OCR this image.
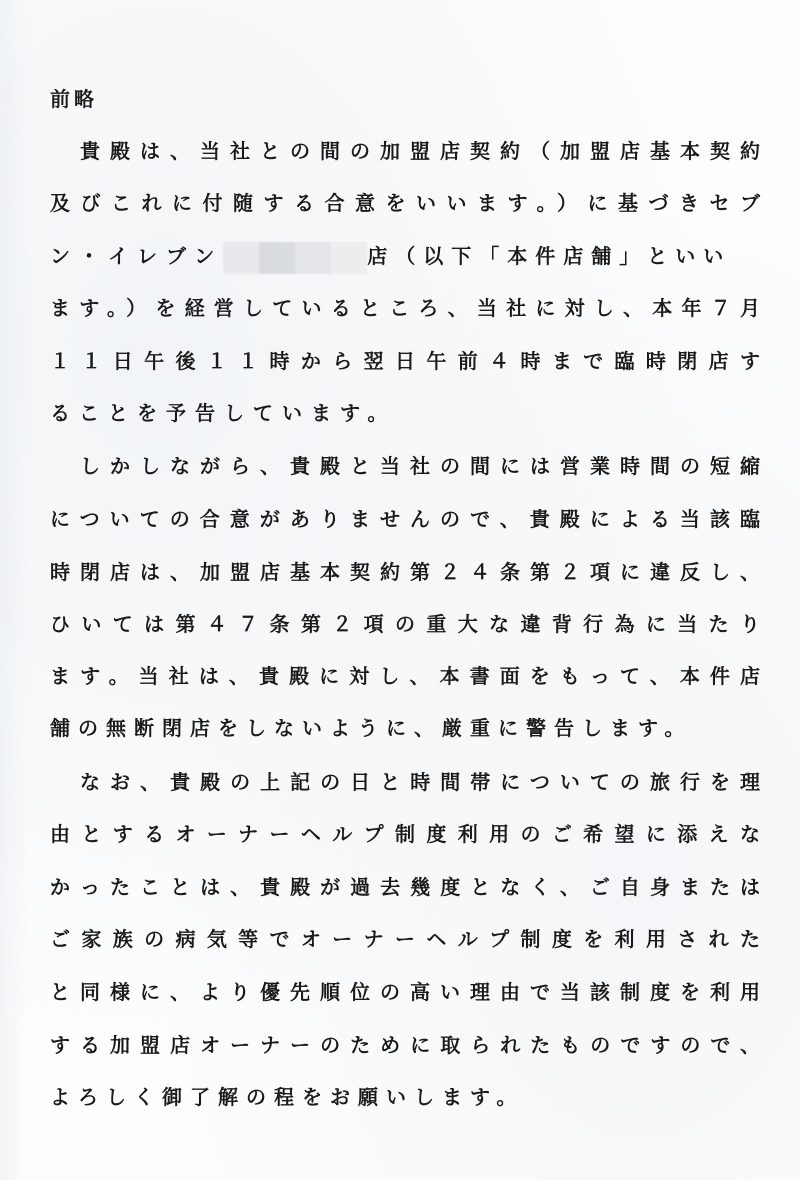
前略
　貴殿は、当社との間の加盟店契約（加盟店基本契約
及びこれに付随する合意をいいます。）に基づきセブ
ン・イレブン	店（以下「本件店舗」といい
ます。）を経営しているところ、当社に対し、本年７月
１１日午後１１時から翌日午前４時まで臨時閉店す
ることを予告しています。
　しかしながら、貴殿と当社の間には営業時間の短縮
についての合意がありませんので、貴殿による当該臨
時閉店は、加盟店基本契約第２４条第２項に違反し、
ひいては第４７条第２項の重大な違背行為に当たり
ます。当社は、貴殿に対し、本書面をもって、本件店
舗の無断閉店をしないように、厳重に警告します。
　なお、貴殿の上記の日と時間帯についての旅行を理
由とするオーナーヘルプ制度利用のご希望に添えな
かったことは、貴殿が過去幾度となく、ご自身または
ご家族の病気等でオーナーヘルプ制度を利用された
と同様に、より優先順位の高い理由で当該制度を利用
する加盟店オーナーのために取られたものですので、
よろしく御了解の程をお願いします。
